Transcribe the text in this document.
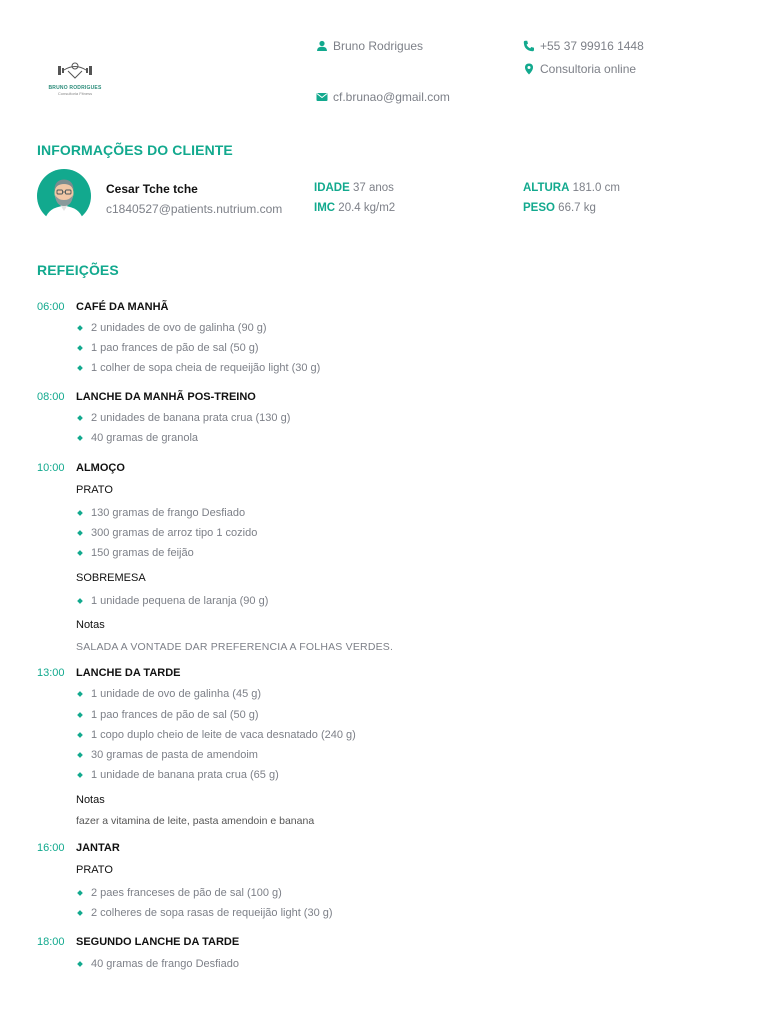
BRUNO RODRIGUES
Consultoria Fitness
Bruno Rodrigues
cf.brunao@gmail.com
+55 37 99916 1448
Consultoria online
INFORMAÇÕES DO CLIENTE
Cesar Tche tche
c1840527@patients.nutrium.com
IDADE 37 anos
IMC 20.4 kg/m2
ALTURA 181.0 cm
PESO 66.7 kg
REFEIÇÕES
06:00 CAFÉ DA MANHÃ
2 unidades de ovo de galinha (90 g)
1 pao frances de pão de sal (50 g)
1 colher de sopa cheia de requeijão light (30 g)
08:00 LANCHE DA MANHÃ POS-TREINO
2 unidades de banana prata crua (130 g)
40 gramas de granola
10:00 ALMOÇO
PRATO
130 gramas de frango Desfiado
300 gramas de arroz tipo 1 cozido
150 gramas de feijão
SOBREMESA
1 unidade pequena de laranja (90 g)
Notas
SALADA A VONTADE DAR PREFERENCIA A FOLHAS VERDES.
13:00 LANCHE DA TARDE
1 unidade de ovo de galinha (45 g)
1 pao frances de pão de sal (50 g)
1 copo duplo cheio de leite de vaca desnatado (240 g)
30 gramas de pasta de amendoim
1 unidade de banana prata crua (65 g)
Notas
fazer a vitamina de leite, pasta amendoin e banana
16:00 JANTAR
PRATO
2 paes franceses de pão de sal (100 g)
2 colheres de sopa rasas de requeijão light (30 g)
18:00 SEGUNDO LANCHE DA TARDE
40 gramas de frango Desfiado
